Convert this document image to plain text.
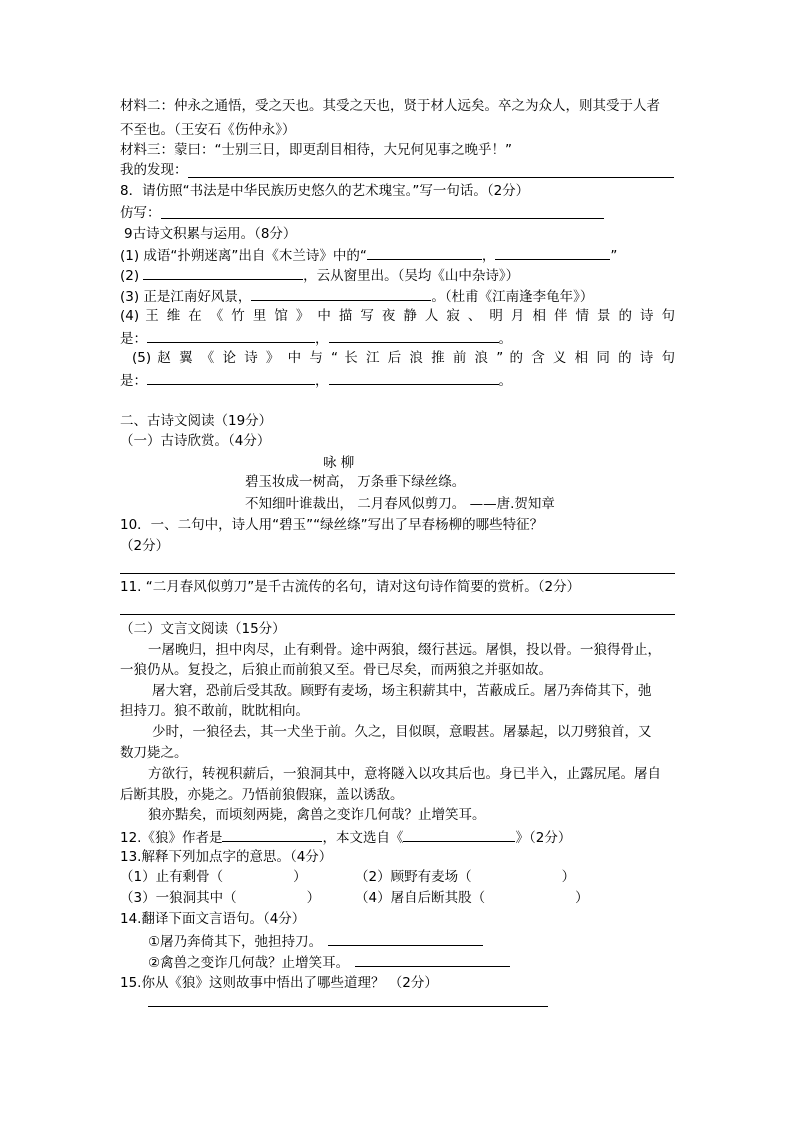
材料二：仲永之通悟，受之天也。其受之天也，贤于材人远矣。卒之为众人，则其受于人者
不至也。（王安石《伤仲永》）
材料三：蒙曰：“士别三日，即更刮目相待，大兄何见事之晚乎！”
我的发现：
8．请仿照“书法是中华民族历史悠久的艺术瑰宝。”写一句话。（2分）
仿写：
9古诗文积累与运用。（8分）
(1) 成语“扑朔迷离”出自《木兰诗》中的“	，	”
(2)	，云从窗里出。（吴均《山中杂诗》）
(3) 正是江南好风景，	。（杜甫《江南逢李龟年》）
(4) 王 维 在 《 竹 里 馆 》 中 描 写 夜 静 人 寂 、 明 月 相 伴 情 景 的 诗 句
是：	，	。
(5) 赵 翼 《 论 诗 》 中 与 “ 长 江 后 浪 推 前 浪 ” 的 含 义 相 同 的 诗 句
是：	，	。
二、古诗文阅读（19分）
（一）古诗欣赏。（4分）
咏 柳
碧玉妆成一树高， 万条垂下绿丝绦。
不知细叶谁裁出， 二月春风似剪刀。 ——唐.贺知章
10．一、二句中，诗人用“碧玉”“绿丝绦”写出了早春杨柳的哪些特征？
（2分）
11. “二月春风似剪刀”是千古流传的名句，请对这句诗作简要的赏析。（2分）
（二）文言文阅读（15分）
一屠晚归，担中肉尽，止有剩骨。途中两狼，缀行甚远。屠惧，投以骨。一狼得骨止，
一狼仍从。复投之，后狼止而前狼又至。骨已尽矣，而两狼之并驱如故。
屠大窘，恐前后受其敌。顾野有麦场，场主积薪其中，苫蔽成丘。屠乃奔倚其下，弛
担持刀。狼不敢前，眈眈相向。
少时，一狼径去，其一犬坐于前。久之，目似暝，意暇甚。屠暴起，以刀劈狼首，又
数刀毙之。
方欲行，转视积薪后，一狼洞其中，意将隧入以攻其后也。身已半入，止露尻尾。屠自
后断其股，亦毙之。乃悟前狼假寐，盖以诱敌。
狼亦黠矣，而顷刻两毙，禽兽之变诈几何哉？止增笑耳。
12.《狼》作者是	，本文选自《	》（2分）
13.解释下列加点字的意思。（4分）
（1）止有剩骨（	）	（2）顾野有麦场（	）
（3）一狼洞其中（	）	（4）屠自后断其股（	）
14.翻译下面文言语句。（4分）
①屠乃奔倚其下，弛担持刀。
②禽兽之变诈几何哉？止增笑耳。
15.你从《狼》这则故事中悟出了哪些道理？ （2分）
